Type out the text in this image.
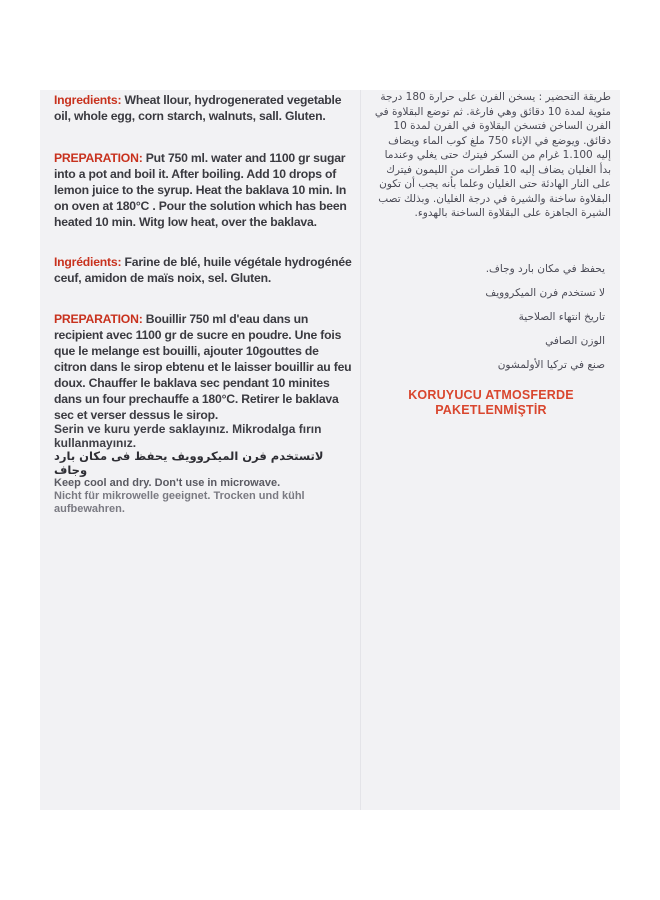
Ingredients: Wheat llour, hydrogenerated vegetable oil, whole egg, corn starch, walnuts, sall. Gluten.
PREPARATION: Put 750 ml. water and 1100 gr sugar into a pot and boil it. After boiling. Add 10 drops of lemon juice to the syrup. Heat the baklava 10 min. In on oven at 180°C . Pour the solution which has been heated 10 min. Witg low heat, over the baklava.
Ingrédients: Farine de blé, huile végétale hydrogénée ceuf, amidon de maïs noix, sel. Gluten.
PREPARATION: Bouillir 750 ml d'eau dans un recipient avec 1100 gr de sucre en poudre. Une fois que le melange est bouilli, ajouter 10gouttes de citron dans le sirop ebtenu et le laisser bouillir au feu doux. Chauffer le baklava sec pendant 10 minites dans un four prechauffe a 180°C. Retirer le baklava sec et verser dessus le sirop.
Serin ve kuru yerde saklayınız. Mikrodalga fırın kullanmayınız.
لاتستخدم فرن الميكروويف يحفظ فى مكان بارد وجاف
Keep cool and dry. Don't use in microwave.
Nicht für mikrowelle geeignet. Trocken und kühl aufbewahren.
طريقة التحضير : يسخن الفرن على حرارة 180 درجة مئوية لمدة 10 دقائق وهي فارغة. ثم توضع البقلاوة في الفرن الساخن فتسخن البقلاوة في الفرن لمدة 10 دقائق. ويوضع في الإناء 750 ملغ كوب الماء ويضاف إليه 1.100 غرام من السكر فيترك حتى يغلي وعندما بدأ الغليان يضاف إليه 10 قطرات من الليمون فيترك على النار الهادئة حتى الغليان وعلما بأنه يجب أن تكون البقلاوة ساخنة والشيرة في درجة الغليان. وبذلك تصب الشيرة الجاهزة على البقلاوة الساخنة بالهدوء.
يحفظ في مكان بارد وجاف.
لا تستخدم فرن الميكروويف
تاريخ انتهاء الصلاحية
الوزن الصافي
صنع في تركيا الأولمشون
KORUYUCU ATMOSFERDE
PAKETLENMİŞTİR
